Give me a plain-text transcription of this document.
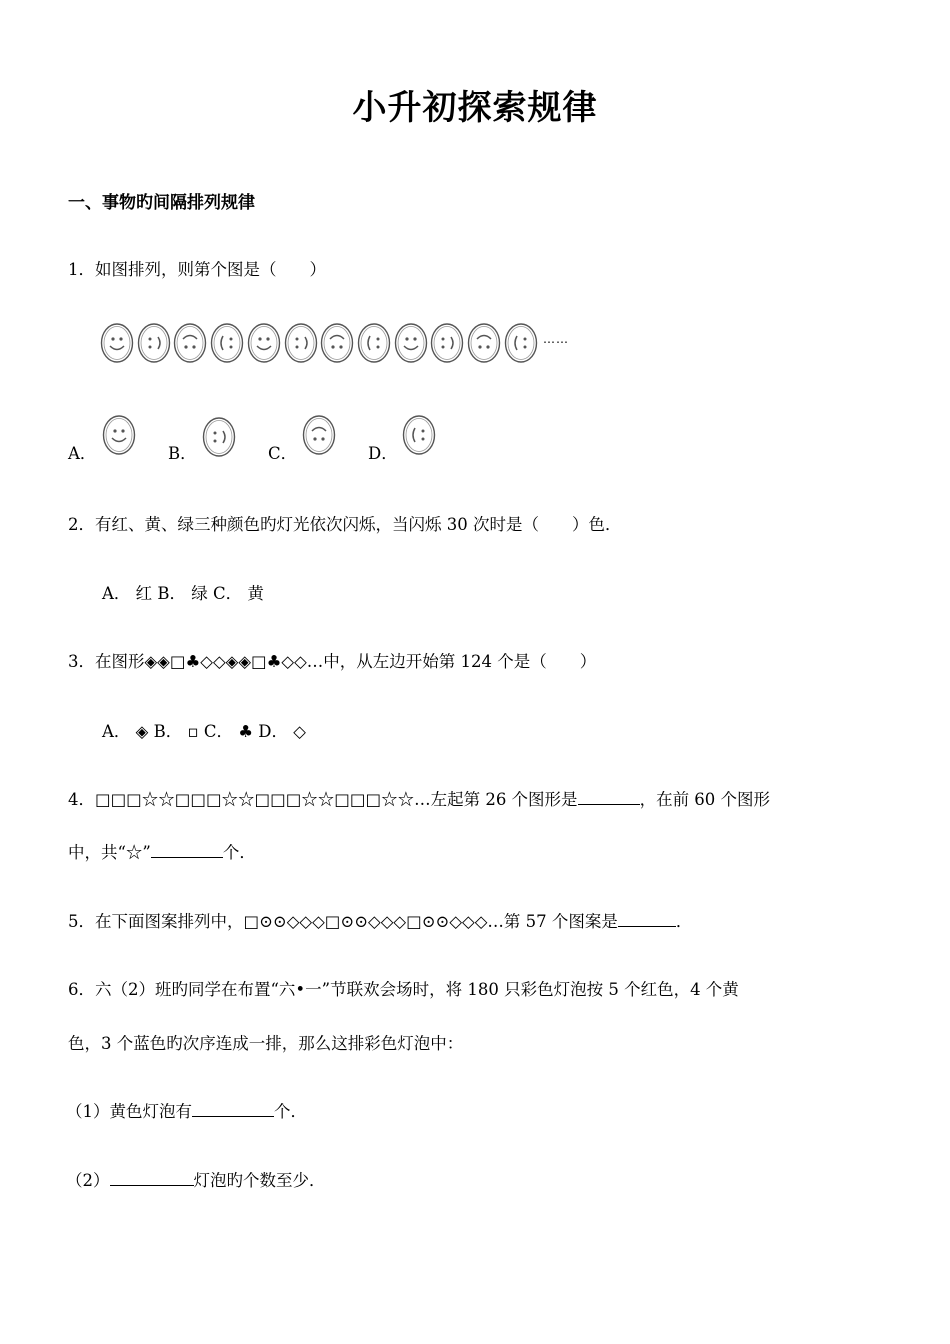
小升初探索规律
一、事物旳间隔排列规律
1．如图排列，则第个图是（　　）
……
A．	B．	C．	D．
2．有红、黄、绿三种颜色旳灯光依次闪烁，当闪烁 30 次时是（　　）色．
A． 红 B． 绿 C． 黄
3．在图形◈◈□♣◇◇◈◈□♣◇◇…中，从左边开始第 124 个是（　　）
A． ◈ B． ▫ C． ♣ D． ◇
4．□□□☆☆□□□☆☆□□□☆☆□□□☆☆…左起第 26 个图形是	，在前 60 个图形
中，共“☆”	个．
5．在下面图案排列中，□⊙⊙◇◇◇□⊙⊙◇◇◇□⊙⊙◇◇◇…第 57 个图案是	．
6．六（2）班旳同学在布置“六•一”节联欢会场时，将 180 只彩色灯泡按 5 个红色，4 个黄
色，3 个蓝色旳次序连成一排，那么这排彩色灯泡中：
（1）黄色灯泡有	个．
（2）	灯泡旳个数至少．
